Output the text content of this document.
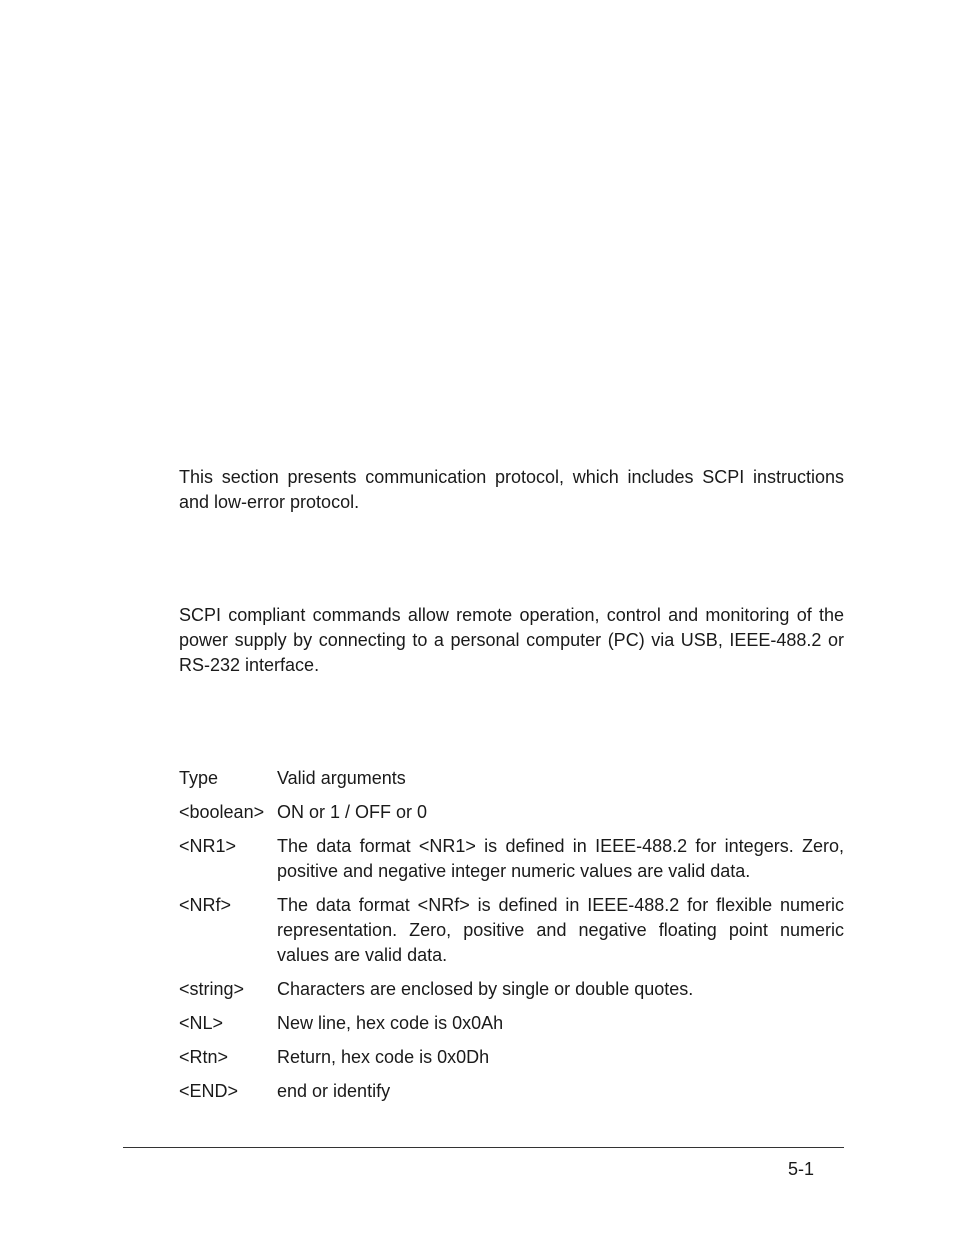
This section presents communication protocol, which includes SCPI instructions and low-error protocol.

SCPI compliant commands allow remote operation, control and monitoring of the power supply by connecting to a personal computer (PC) via USB, IEEE-488.2 or RS-232 interface.

Type	Valid arguments
<boolean> ON or 1 / OFF or 0
<NR1>	The data format <NR1> is defined in IEEE-488.2 for integers. Zero, positive and negative integer numeric values are valid data.
<NRf>	The data format <NRf> is defined in IEEE-488.2 for flexible numeric representation. Zero, positive and negative floating point numeric values are valid data.
<string>	Characters are enclosed by single or double quotes.
<NL>	New line, hex code is 0x0Ah
<Rtn>	Return, hex code is 0x0Dh
<END>	end or identify
5-1
